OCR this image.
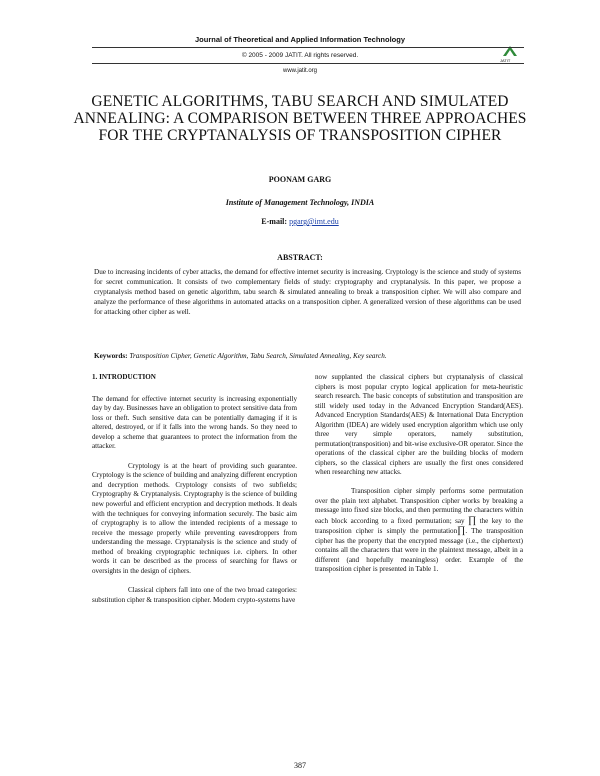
Journal of Theoretical and Applied Information Technology
© 2005 - 2009 JATIT. All rights reserved.
www.jatit.org
JATIT
GENETIC ALGORITHMS, TABU SEARCH AND SIMULATED ANNEALING: A COMPARISON BETWEEN THREE APPROACHES FOR THE CRYPTANALYSIS OF TRANSPOSITION CIPHER
POONAM GARG
Institute of Management Technology, INDIA
E-mail: pgarg@imt.edu
ABSTRACT:
Due to increasing incidents of cyber attacks, the demand for effective internet security is increasing. Cryptology is the science and study of systems for secret communication. It consists of two complementary fields of study: cryptography and cryptanalysis. In this paper, we propose a cryptanalysis method based on genetic algorithm, tabu search & simulated annealing to break a transposition cipher. We will also compare and analyze the performance of these algorithms in automated attacks on a transposition cipher. A generalized version of these algorithms can be used for attacking other cipher as well.
Keywords: Transposition Cipher, Genetic Algorithm, Tabu Search, Simulated Annealing, Key search.
1. INTRODUCTION

The demand for effective internet security is increasing exponentially day by day. Businesses have an obligation to protect sensitive data from loss or theft. Such sensitive data can be potentially damaging if it is altered, destroyed, or if it falls into the wrong hands. So they need to develop a scheme that guarantees to protect the information from the attacker.

Cryptology is at the heart of providing such guarantee. Cryptology is the science of building and analyzing different encryption and decryption methods. Cryptology consists of two subfields; Cryptography & Cryptanalysis. Cryptography is the science of building new powerful and efficient encryption and decryption methods. It deals with the techniques for conveying information securely. The basic aim of cryptography is to allow the intended recipients of a message to receive the message properly while preventing eavesdroppers from understanding the message. Cryptanalysis is the science and study of method of breaking cryptographic techniques i.e. ciphers. In other words it can be described as the process of searching for flaws or oversights in the design of ciphers.

Classical ciphers fall into one of the two broad categories: substitution cipher & transposition cipher. Modern crypto-systems have

now supplanted the classical ciphers but cryptanalysis of classical ciphers is most popular crypto logical application for meta-heuristic search research. The basic concepts of substitution and transposition are still widely used today in the Advanced Encryption Standard(AES). Advanced Encryption Standards(AES) & International Data Encryption Algorithm (IDEA) are widely used encryption algorithm which use only three very simple operators, namely substitution, permutation(transposition) and bit-wise exclusive-OR operator. Since the operations of the classical cipher are the building blocks of modern ciphers, so the classical ciphers are usually the first ones considered when researching new attacks.

Transposition cipher simply performs some permutation over the plain text alphabet. Transposition cipher works by breaking a message into fixed size blocks, and then permuting the characters within each block according to a fixed permutation; say ∏ the key to the transposition cipher is simply the permutation∏. The transposition cipher has the property that the encrypted message (i.e., the ciphertext) contains all the characters that were in the plaintext message, albeit in a different (and hopefully meaningless) order. Example of the transposition cipher is presented in Table 1.

387
